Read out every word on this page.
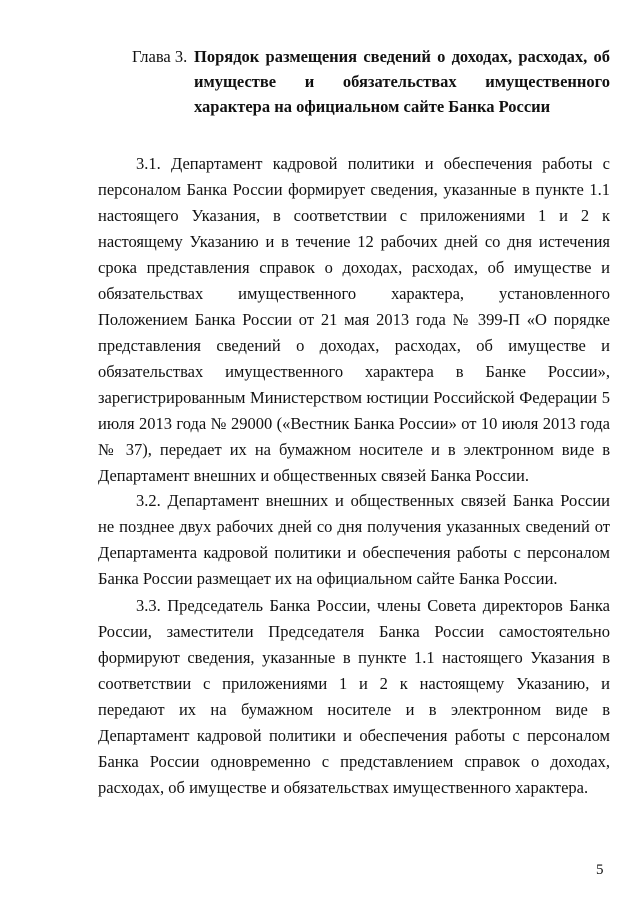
Глава 3. Порядок размещения сведений о доходах, расходах, об имуществе и обязательствах имущественного характера на официальном сайте Банка России

3.1. Департамент кадровой политики и обеспечения работы с персоналом Банка России формирует сведения, указанные в пункте 1.1 настоящего Указания, в соответствии с приложениями 1 и 2 к настоящему Указанию и в течение 12 рабочих дней со дня истечения срока представления справок о доходах, расходах, об имуществе и обязательствах имущественного характера, установленного Положением Банка России от 21 мая 2013 года № 399-П «О порядке представления сведений о доходах, расходах, об имуществе и обязательствах имущественного характера в Банке России», зарегистрированным Министерством юстиции Российской Федерации 5 июля 2013 года № 29000 («Вестник Банка России» от 10 июля 2013 года № 37), передает их на бумажном носителе и в электронном виде в Департамент внешних и общественных связей Банка России.

3.2. Департамент внешних и общественных связей Банка России не позднее двух рабочих дней со дня получения указанных сведений от Департамента кадровой политики и обеспечения работы с персоналом Банка России размещает их на официальном сайте Банка России.

3.3. Председатель Банка России, члены Совета директоров Банка России, заместители Председателя Банка России самостоятельно формируют сведения, указанные в пункте 1.1 настоящего Указания в соответствии с приложениями 1 и 2 к настоящему Указанию, и передают их на бумажном носителе и в электронном виде в Департамент кадровой политики и обеспечения работы с персоналом Банка России одновременно с представлением справок о доходах, расходах, об имуществе и обязательствах имущественного характера.

5
